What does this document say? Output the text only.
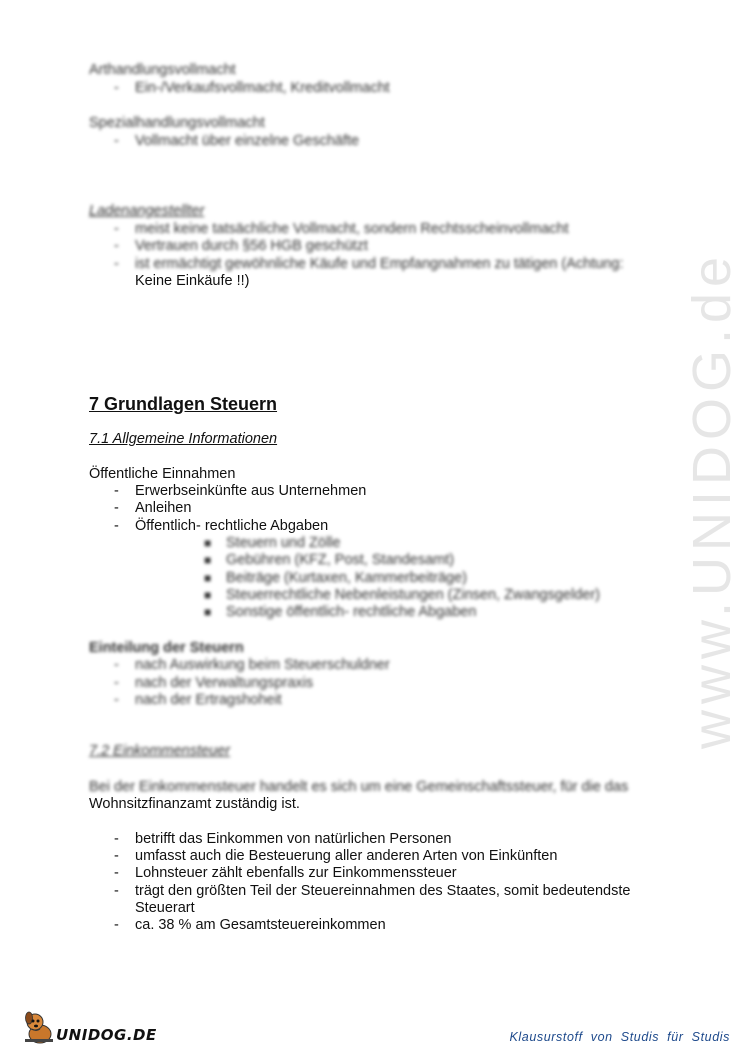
www.UNIDOG.de
Arthandlungsvollmacht
- Ein-/Verkaufsvollmacht, Kreditvollmacht
Spezialhandlungsvollmacht
- Vollmacht über einzelne Geschäfte
Ladenangestellter
- meist keine tatsächliche Vollmacht, sondern Rechtsscheinvollmacht
- Vertrauen durch §56 HGB geschützt
- ist ermächtigt gewöhnliche Käufe und Empfangnahmen zu tätigen (Achtung:
Keine Einkäufe !!)
7 Grundlagen Steuern
7.1 Allgemeine Informationen
Öffentliche Einnahmen
- Erwerbseinkünfte aus Unternehmen
- Anleihen
- Öffentlich- rechtliche Abgaben
■ Steuern und Zölle
■ Gebühren (KFZ, Post, Standesamt)
■ Beiträge (Kurtaxen, Kammerbeiträge)
■ Steuerrechtliche Nebenleistungen (Zinsen, Zwangsgelder)
■ Sonstige öffentlich- rechtliche Abgaben
Einteilung der Steuern
- nach Auswirkung beim Steuerschuldner
- nach der Verwaltungspraxis
- nach der Ertragshoheit
7.2 Einkommensteuer
Bei der Einkommensteuer handelt es sich um eine Gemeinschaftssteuer, für die das
Wohnsitzfinanzamt zuständig ist.
- betrifft das Einkommen von natürlichen Personen
- umfasst auch die Besteuerung aller anderen Arten von Einkünften
- Lohnsteuer zählt ebenfalls zur Einkommenssteuer
- trägt den größten Teil der Steuereinnahmen des Staates, somit bedeutendste
Steuerart
- ca. 38 % am Gesamtsteuereinkommen
UNIDOG.DE	Klausurstoff von Studis für Studis
